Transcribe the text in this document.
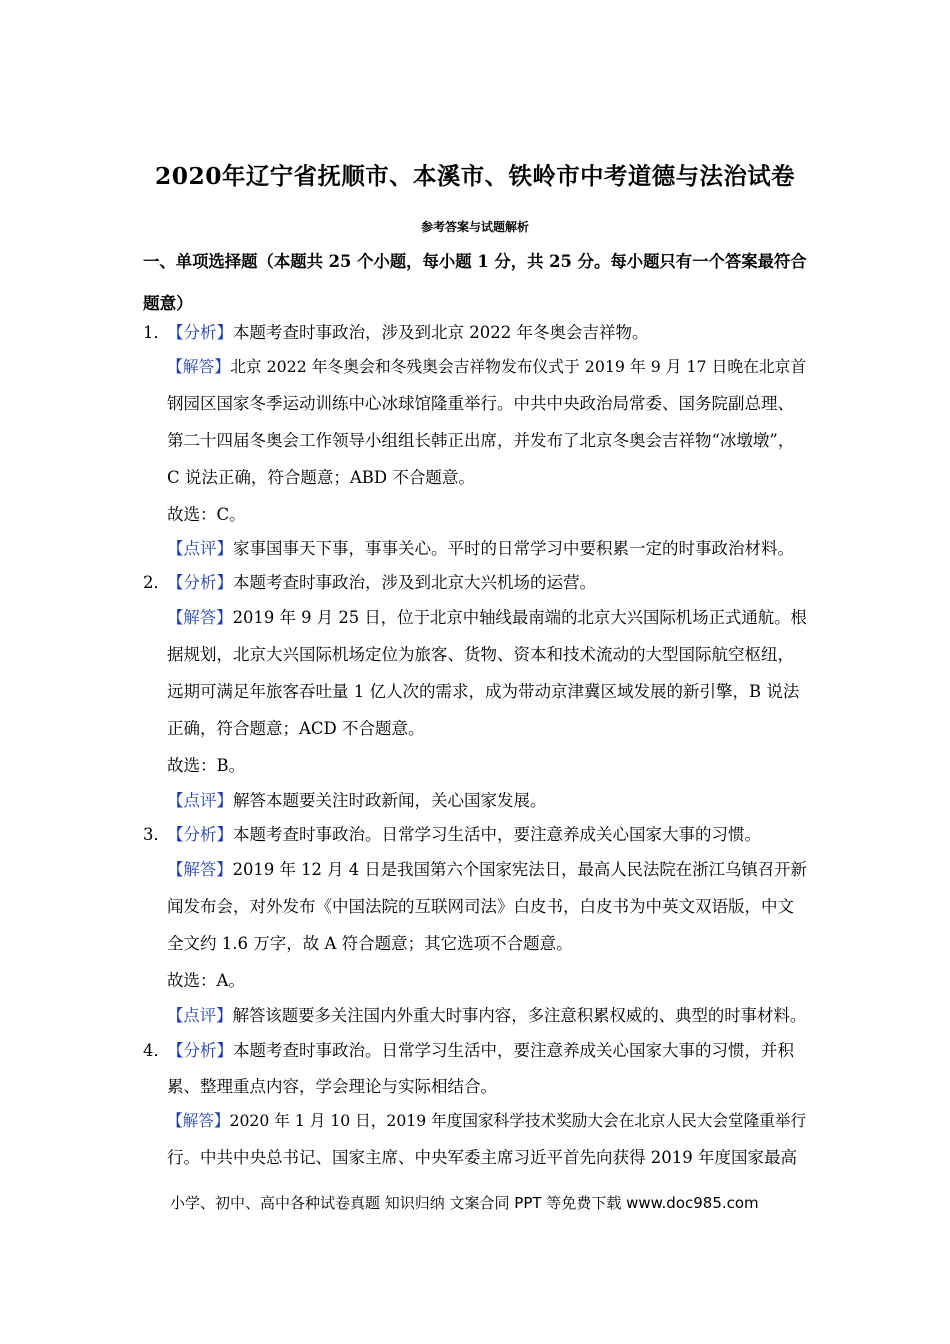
2020年辽宁省抚顺市、本溪市、铁岭市中考道德与法治试卷
参考答案与试题解析
一、单项选择题（本题共 25 个小题，每小题 1 分，共 25 分。每小题只有一个答案最符合
题意）
1．
【分析】本题考查时事政治，涉及到北京 2022 年冬奥会吉祥物。
【解答】北京 2022 年冬奥会和冬残奥会吉祥物发布仪式于 2019 年 9 月 17 日晚在北京首
钢园区国家冬季运动训练中心冰球馆隆重举行。中共中央政治局常委、国务院副总理、
第二十四届冬奥会工作领导小组组长韩正出席，并发布了北京冬奥会吉祥物“冰墩墩”，
C 说法正确，符合题意；ABD 不合题意。
故选：C。
【点评】家事国事天下事，事事关心。平时的日常学习中要积累一定的时事政治材料。
2．
【分析】本题考查时事政治，涉及到北京大兴机场的运营。
【解答】2019 年 9 月 25 日，位于北京中轴线最南端的北京大兴国际机场正式通航。根
据规划，北京大兴国际机场定位为旅客、货物、资本和技术流动的大型国际航空枢纽，
远期可满足年旅客吞吐量 1 亿人次的需求，成为带动京津冀区域发展的新引擎，B 说法
正确，符合题意；ACD 不合题意。
故选：B。
【点评】解答本题要关注时政新闻，关心国家发展。
3．
【分析】本题考查时事政治。日常学习生活中，要注意养成关心国家大事的习惯。
【解答】2019 年 12 月 4 日是我国第六个国家宪法日，最高人民法院在浙江乌镇召开新
闻发布会，对外发布《中国法院的互联网司法》白皮书，白皮书为中英文双语版，中文
全文约 1.6 万字，故 A 符合题意；其它选项不合题意。
故选：A。
【点评】解答该题要多关注国内外重大时事内容，多注意积累权威的、典型的时事材料。
4．
【分析】本题考查时事政治。日常学习生活中，要注意养成关心国家大事的习惯，并积
累、整理重点内容，学会理论与实际相结合。
【解答】2020 年 1 月 10 日，2019 年度国家科学技术奖励大会在北京人民大会堂隆重举行
行。中共中央总书记、国家主席、中央军委主席习近平首先向获得 2019 年度国家最高
小学、初中、高中各种试卷真题 知识归纳 文案合同 PPT 等免费下载 www.doc985.com
